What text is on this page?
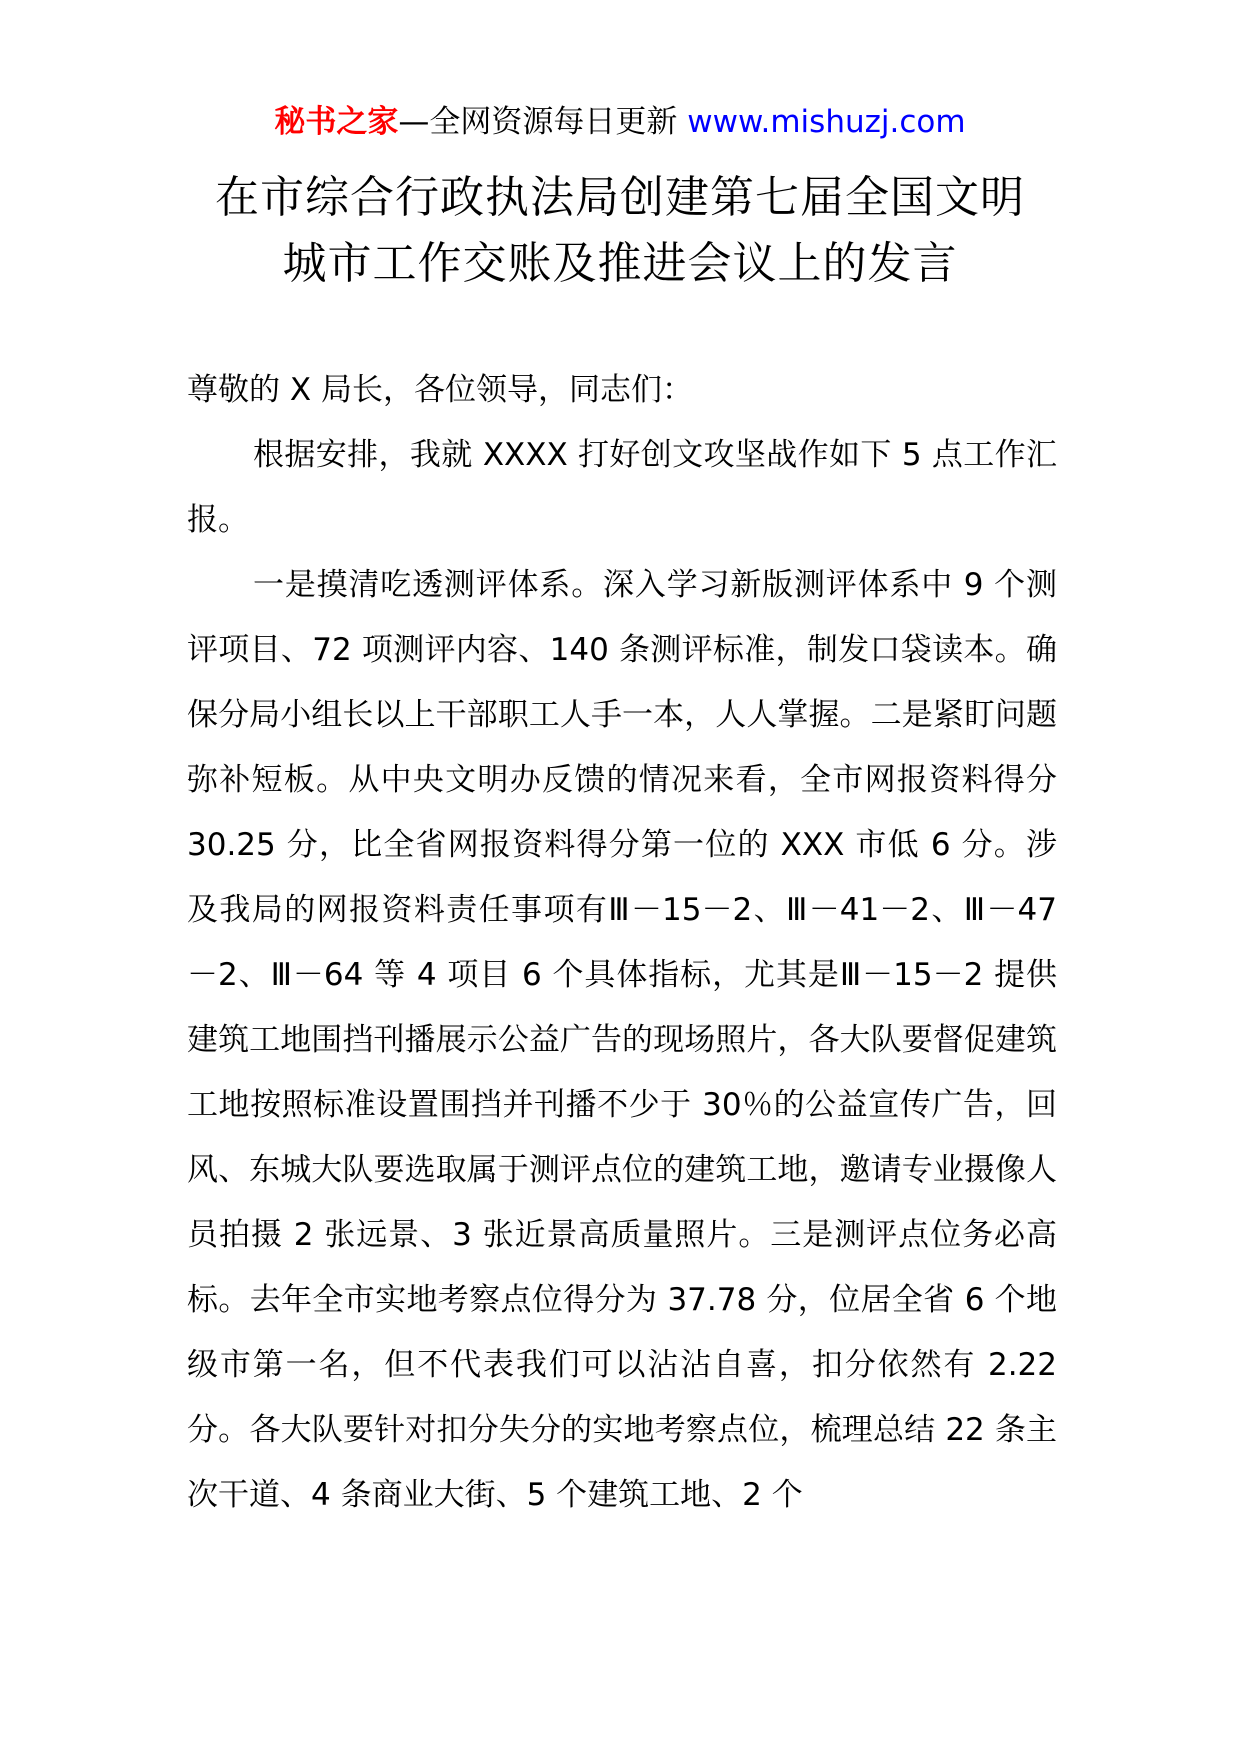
秘书之家—全网资源每日更新 www.mishuzj.com
在市综合行政执法局创建第七届全国文明
城市工作交账及推进会议上的发言

尊敬的 X 局长，各位领导，同志们：

根据安排，我就 XXXX 打好创文攻坚战作如下 5 点工作汇报。

一是摸清吃透测评体系。深入学习新版测评体系中 9 个测评项目、72 项测评内容、140 条测评标准，制发口袋读本。确保分局小组长以上干部职工人手一本，人人掌握。二是紧盯问题弥补短板。从中央文明办反馈的情况来看，全市网报资料得分 30.25 分，比全省网报资料得分第一位的 XXX 市低 6 分。涉及我局的网报资料责任事项有Ⅲ－15－2、Ⅲ－41－2、Ⅲ－47－2、Ⅲ－64 等 4 项目 6 个具体指标，尤其是Ⅲ－15－2 提供建筑工地围挡刊播展示公益广告的现场照片，各大队要督促建筑工地按照标准设置围挡并刊播不少于 30％的公益宣传广告，回风、东城大队要选取属于测评点位的建筑工地，邀请专业摄像人员拍摄 2 张远景、3 张近景高质量照片。三是测评点位务必高标。去年全市实地考察点位得分为 37.78 分，位居全省 6 个地级市第一名，但不代表我们可以沾沾自喜，扣分依然有 2.22 分。各大队要针对扣分失分的实地考察点位，梳理总结 22 条主次干道、4 条商业大街、5 个建筑工地、2 个
